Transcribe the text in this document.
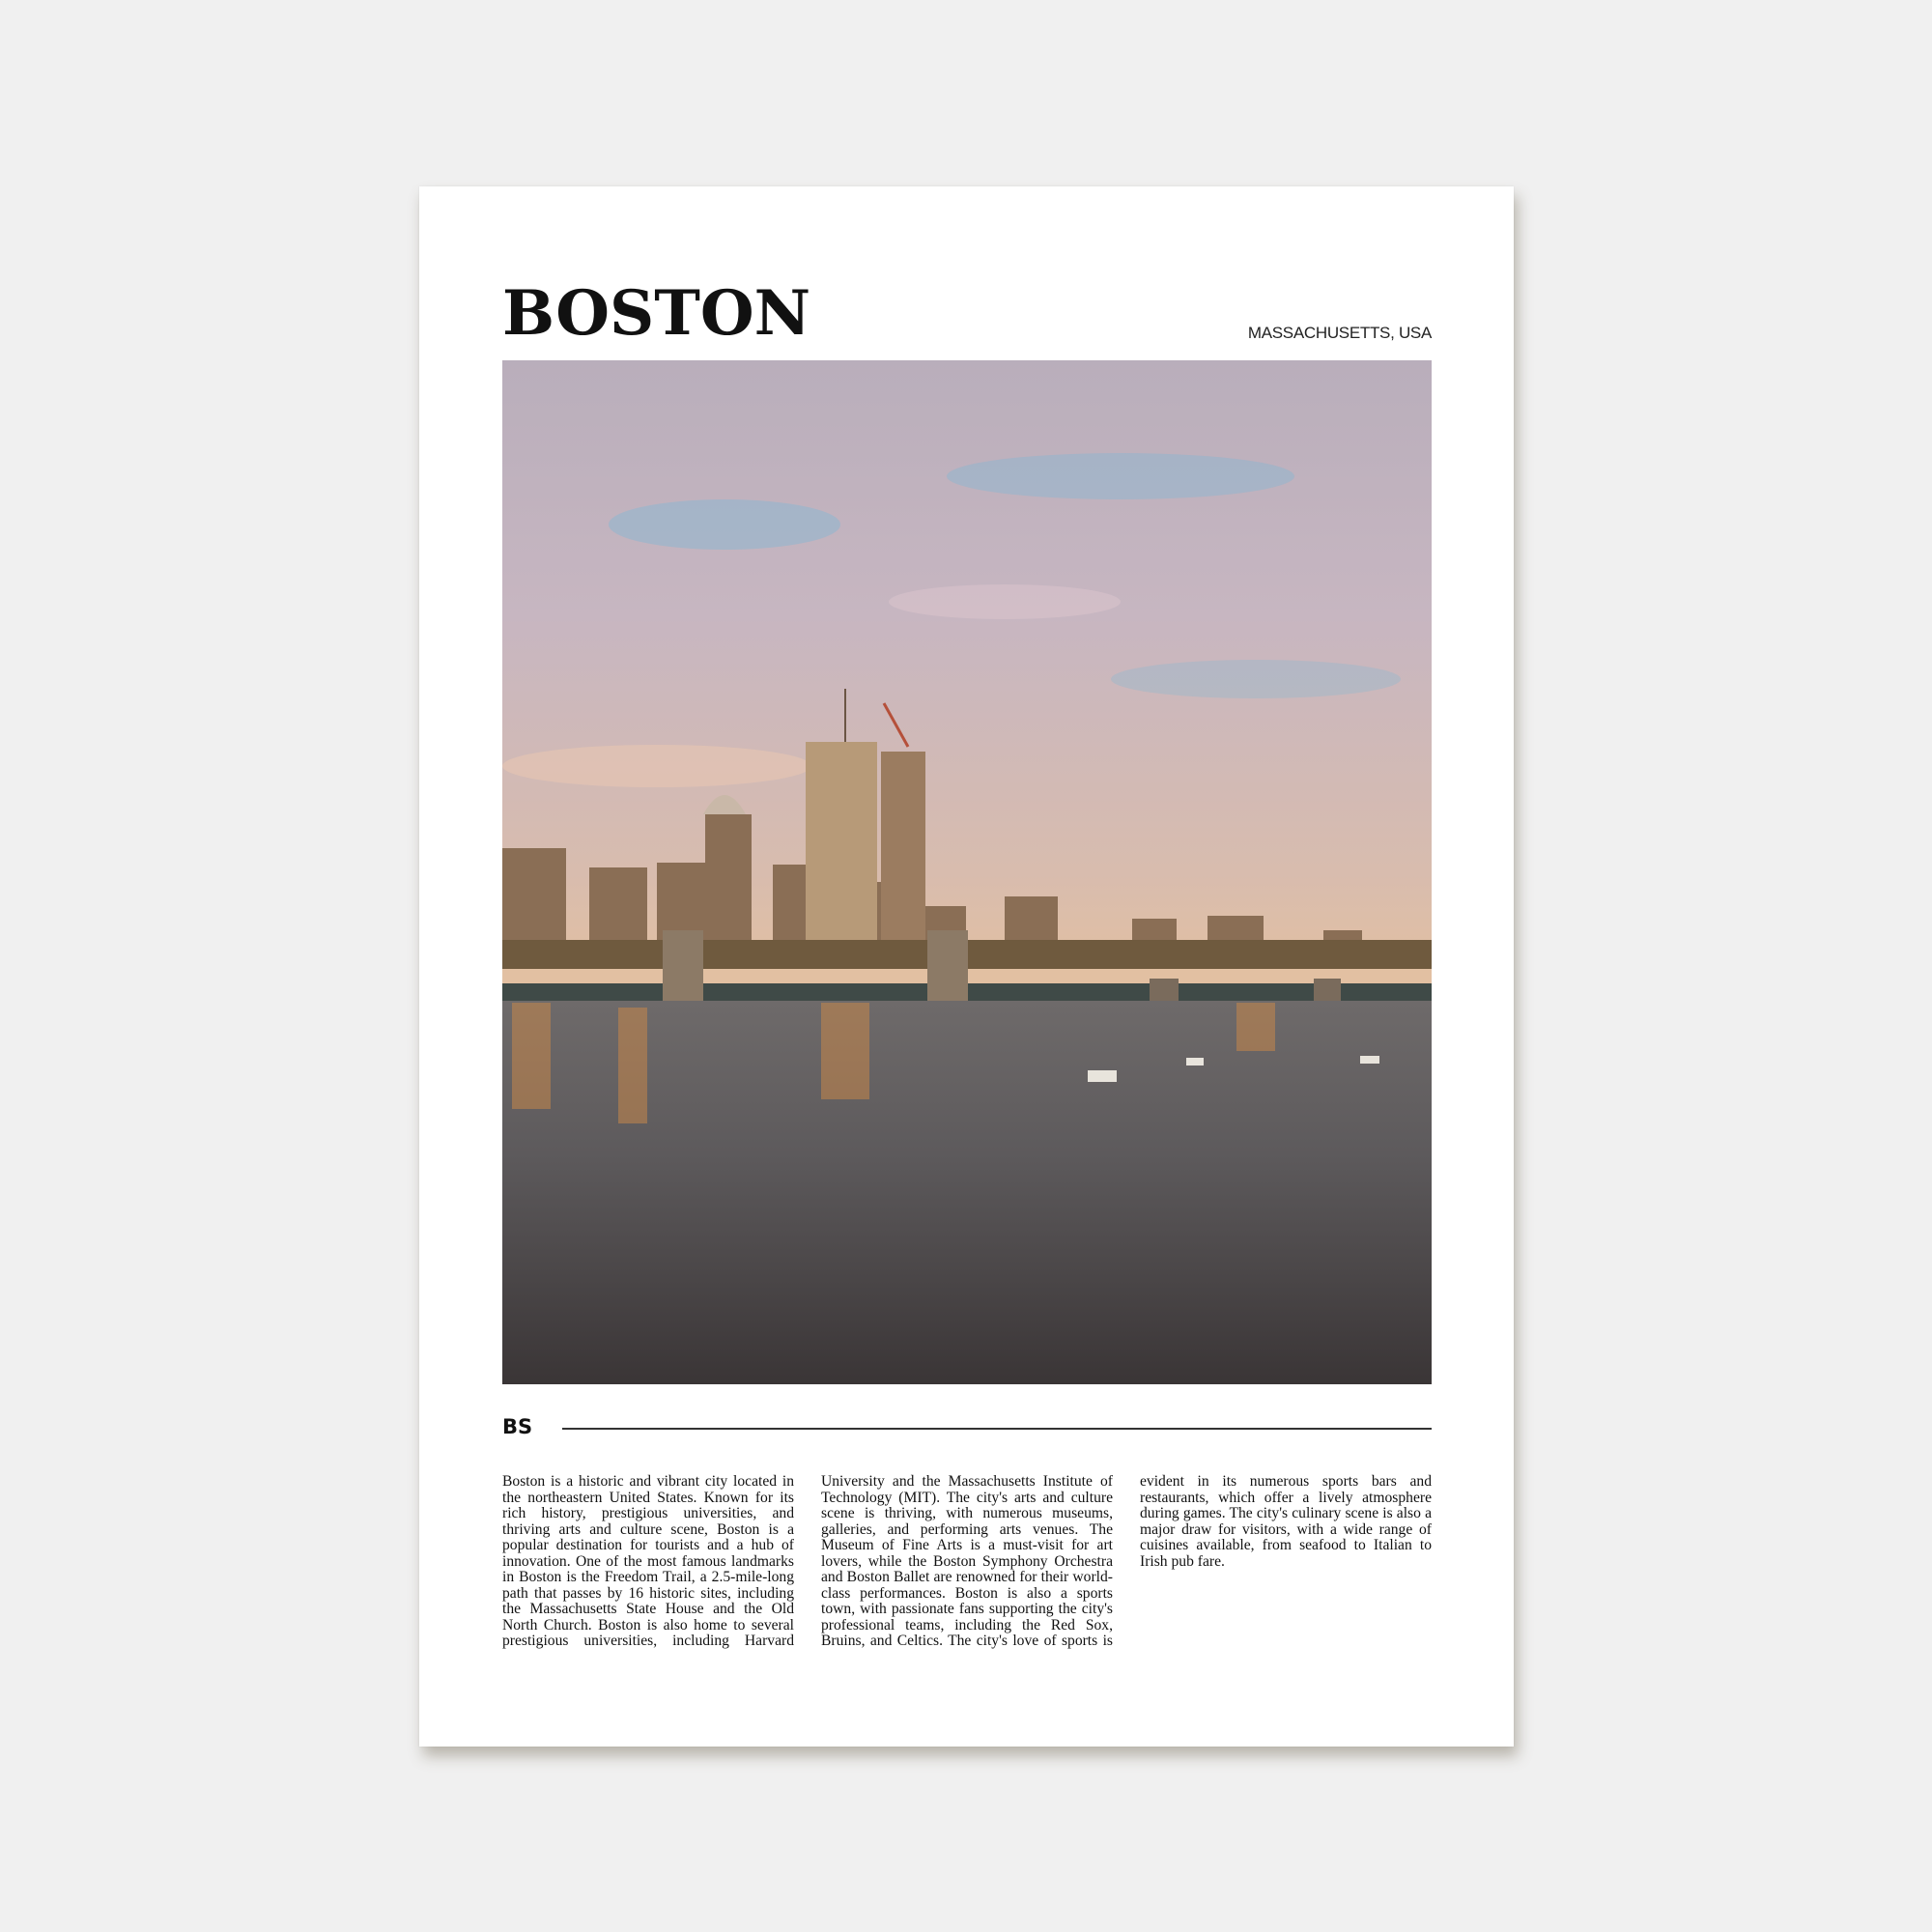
BOSTON	MASSACHUSETTS, USA
BS
Boston is a historic and vibrant city located in the northeastern United States. Known for its rich history, prestigious universities, and thriving arts and culture scene, Boston is a popular destination for tourists and a hub of innovation. One of the most famous landmarks in Boston is the Freedom Trail, a 2.5-mile-long path that passes by 16 historic sites, including the Massachusetts State House and the Old North Church. Boston is also home to several prestigious universities, including Harvard University and the Massachusetts Institute of Technology (MIT). The city's arts and culture scene is thriving, with numerous museums, galleries, and performing arts venues. The Museum of Fine Arts is a must-visit for art lovers, while the Boston Symphony Orchestra and Boston Ballet are renowned for their world-class performances. Boston is also a sports town, with passionate fans supporting the city's professional teams, including the Red Sox, Bruins, and Celtics. The city's love of sports is evident in its numerous sports bars and restaurants, which offer a lively atmosphere during games. The city's culinary scene is also a major draw for visitors, with a wide range of cuisines available, from seafood to Italian to Irish pub fare.
